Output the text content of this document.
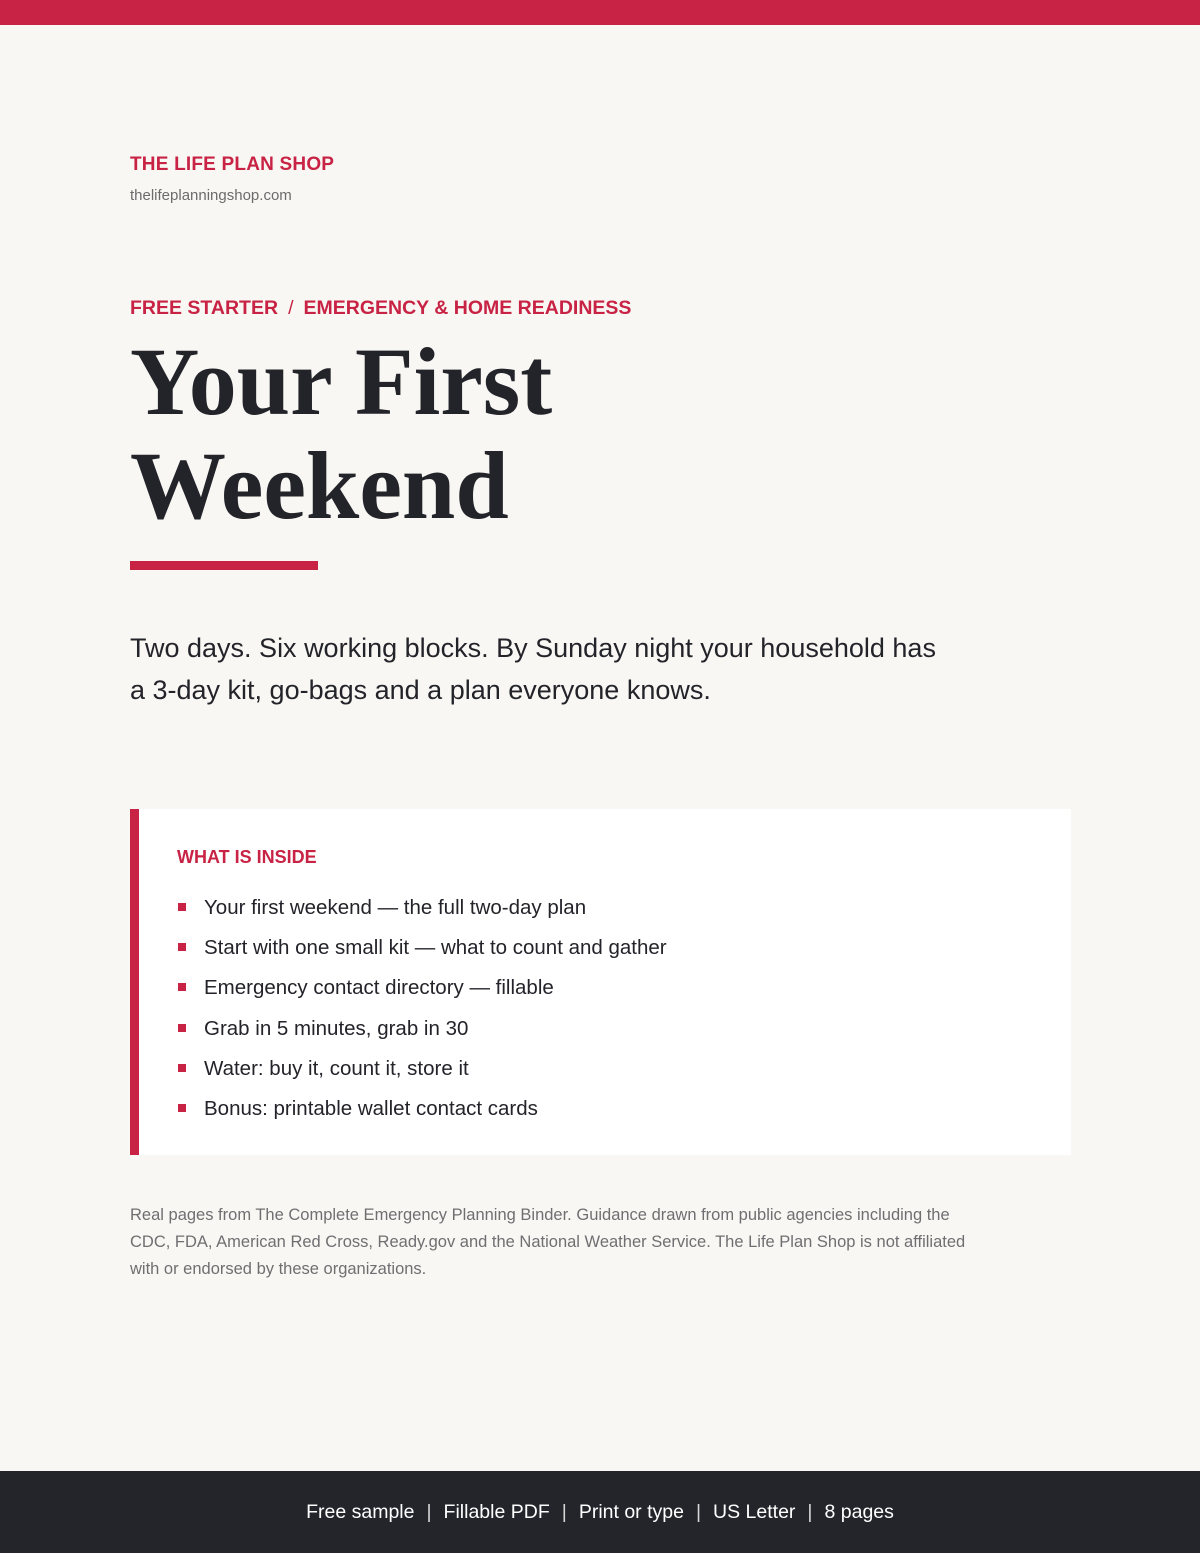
THE LIFE PLAN SHOP
thelifeplanningshop.com
FREE STARTER / EMERGENCY & HOME READINESS
Your First
Weekend

Two days. Six working blocks. By Sunday night your household has
a 3-day kit, go-bags and a plan everyone knows.

WHAT IS INSIDE
Your first weekend — the full two-day plan
Start with one small kit — what to count and gather
Emergency contact directory — fillable
Grab in 5 minutes, grab in 30
Water: buy it, count it, store it
Bonus: printable wallet contact cards

Real pages from The Complete Emergency Planning Binder. Guidance drawn from public agencies including the
CDC, FDA, American Red Cross, Ready.gov and the National Weather Service. The Life Plan Shop is not affiliated
with or endorsed by these organizations.

Free sample | Fillable PDF | Print or type | US Letter | 8 pages
